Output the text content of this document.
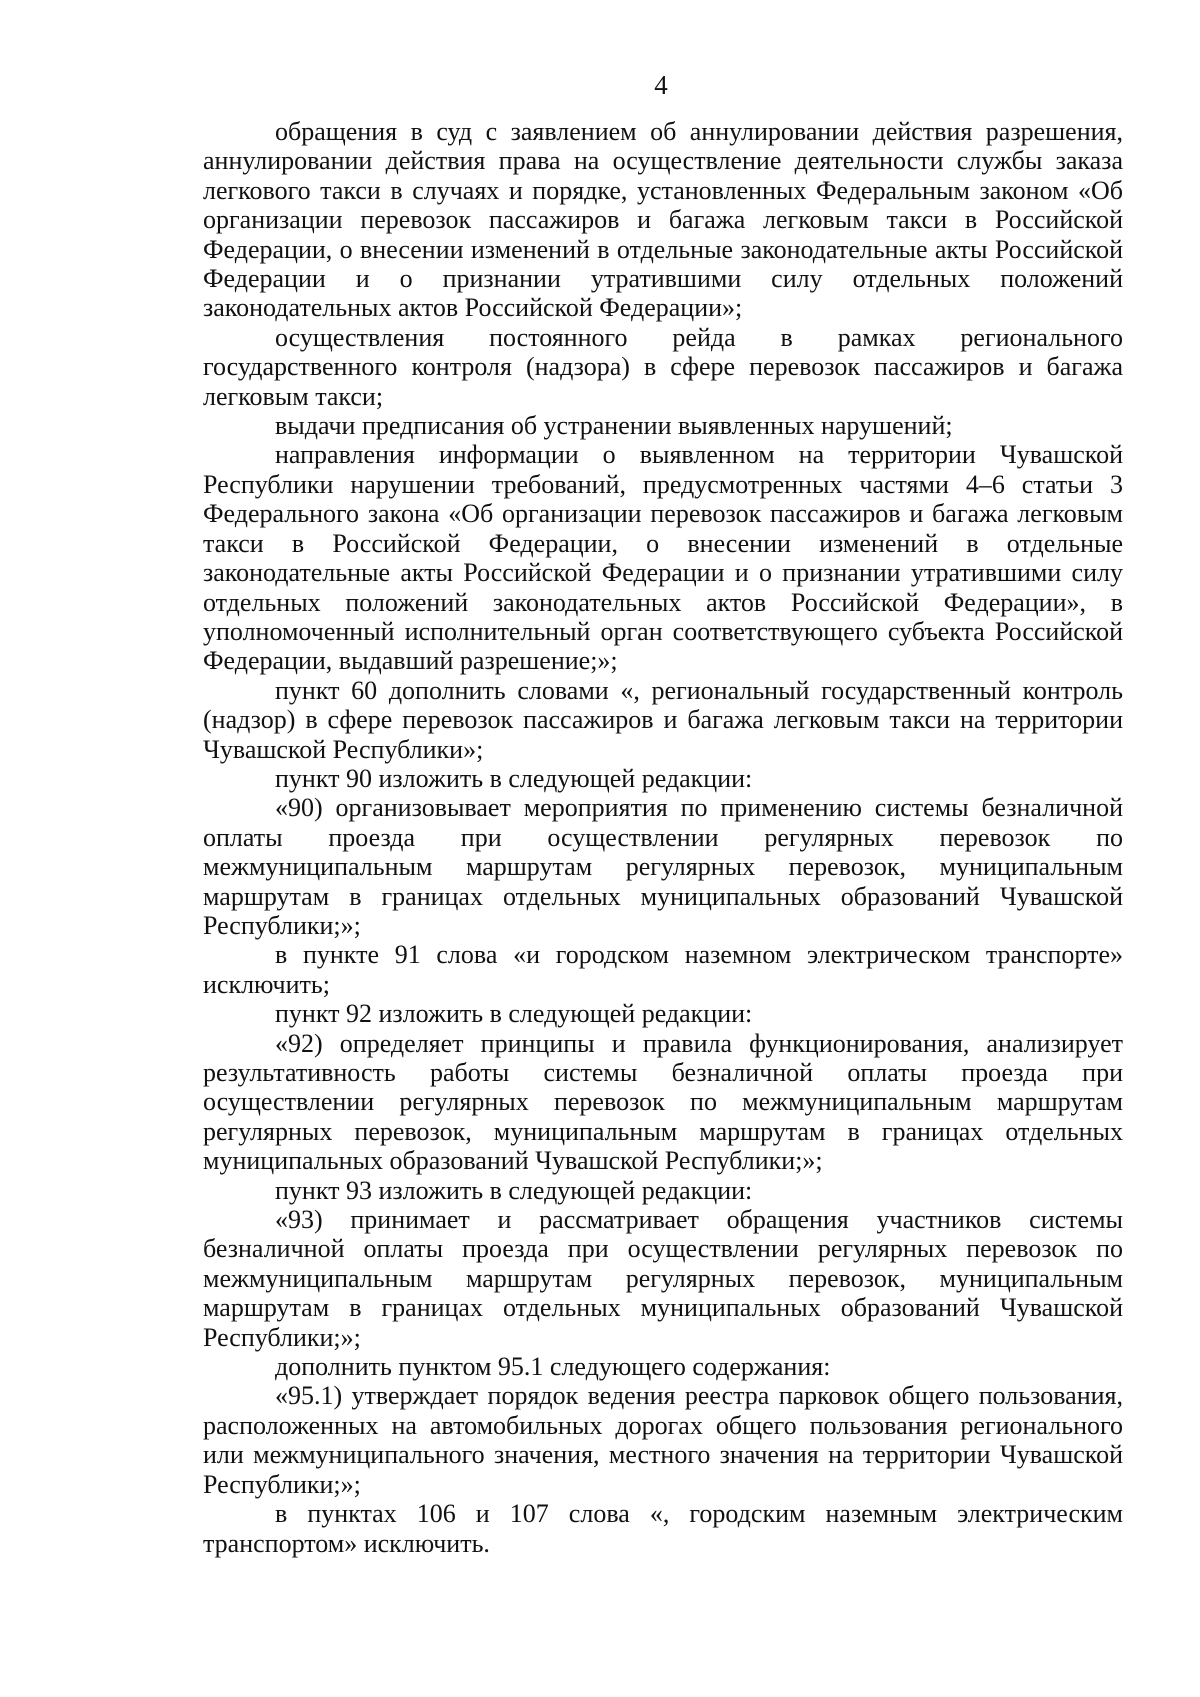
4

обращения в суд с заявлением об аннулировании действия разрешения, аннулировании действия права на осуществление деятельности службы заказа легкового такси в случаях и порядке, установленных Федеральным законом «Об организации перевозок пассажиров и багажа легковым такси в Российской Федерации, о внесении изменений в отдельные законодательные акты Российской Федерации и о признании утратившими силу отдельных положений законодательных актов Российской Федерации»;

осуществления постоянного рейда в рамках регионального государственного контроля (надзора) в сфере перевозок пассажиров и багажа легковым такси;

выдачи предписания об устранении выявленных нарушений;

направления информации о выявленном на территории Чувашской Республики нарушении требований, предусмотренных частями 4–6 статьи 3 Федерального закона «Об организации перевозок пассажиров и багажа легковым такси в Российской Федерации, о внесении изменений в отдельные законодательные акты Российской Федерации и о признании утратившими силу отдельных положений законодательных актов Российской Федерации», в уполномоченный исполнительный орган соответствующего субъекта Российской Федерации, выдавший разрешение;»;

пункт 60 дополнить словами «, региональный государственный контроль (надзор) в сфере перевозок пассажиров и багажа легковым такси на территории Чувашской Республики»;

пункт 90 изложить в следующей редакции:

«90) организовывает мероприятия по применению системы безналичной оплаты проезда при осуществлении регулярных перевозок по межмуниципальным маршрутам регулярных перевозок, муниципальным маршрутам в границах отдельных муниципальных образований Чувашской Республики;»;

в пункте 91 слова «и городском наземном электрическом транспорте» исключить;

пункт 92 изложить в следующей редакции:

«92) определяет принципы и правила функционирования, анализирует результативность работы системы безналичной оплаты проезда при осуществлении регулярных перевозок по межмуниципальным маршрутам регулярных перевозок, муниципальным маршрутам в границах отдельных муниципальных образований Чувашской Республики;»;

пункт 93 изложить в следующей редакции:

«93) принимает и рассматривает обращения участников системы безналичной оплаты проезда при осуществлении регулярных перевозок по межмуниципальным маршрутам регулярных перевозок, муниципальным маршрутам в границах отдельных муниципальных образований Чувашской Республики;»;

дополнить пунктом 95.1 следующего содержания:

«95.1) утверждает порядок ведения реестра парковок общего пользования, расположенных на автомобильных дорогах общего пользования регионального или межмуниципального значения, местного значения на территории Чувашской Республики;»;

в пунктах 106 и 107 слова «, городским наземным электрическим транспортом» исключить.
